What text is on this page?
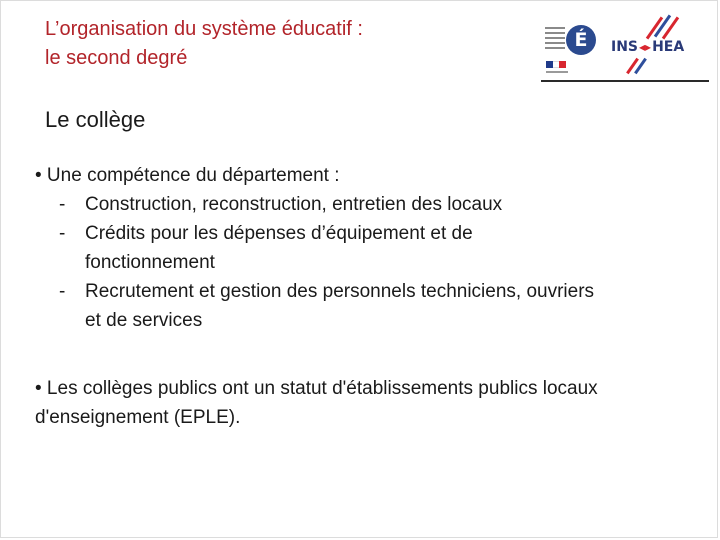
L’organisation du système éducatif :
le second degré
É	INS◂▸HEA
Le collège
• Une compétence du département :
- Construction, reconstruction, entretien des locaux
- Crédits pour les dépenses d’équipement et de
fonctionnement
- Recrutement et gestion des personnels techniciens, ouvriers
et de services
• Les collèges publics ont un statut d'établissements publics locaux
d'enseignement (EPLE).
